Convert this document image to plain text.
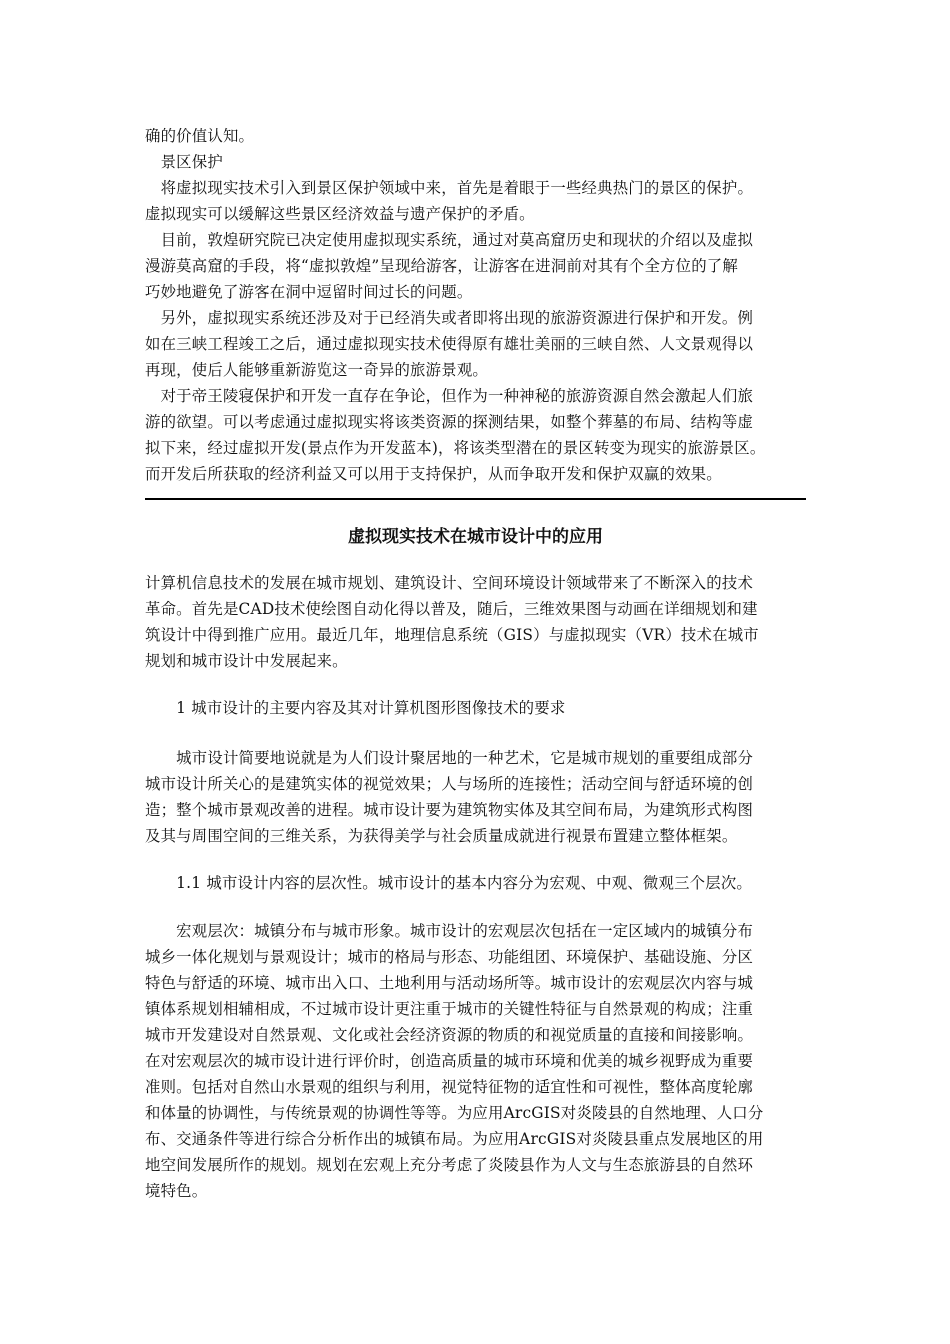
确的价值认知。
　景区保护
　将虚拟现实技术引入到景区保护领域中来，首先是着眼于一些经典热门的景区的保护。
虚拟现实可以缓解这些景区经济效益与遗产保护的矛盾。
　目前，敦煌研究院已决定使用虚拟现实系统，通过对莫高窟历史和现状的介绍以及虚拟
漫游莫高窟的手段，将“虚拟敦煌”呈现给游客，让游客在进洞前对其有个全方位的了解
巧妙地避免了游客在洞中逗留时间过长的问题。
　另外，虚拟现实系统还涉及对于已经消失或者即将出现的旅游资源进行保护和开发。例
如在三峡工程竣工之后，通过虚拟现实技术使得原有雄壮美丽的三峡自然、人文景观得以
再现，使后人能够重新游览这一奇异的旅游景观。
　对于帝王陵寝保护和开发一直存在争论，但作为一种神秘的旅游资源自然会激起人们旅
游的欲望。可以考虑通过虚拟现实将该类资源的探测结果，如整个葬墓的布局、结构等虚
拟下来，经过虚拟开发(景点作为开发蓝本)，将该类型潜在的景区转变为现实的旅游景区。
而开发后所获取的经济利益又可以用于支持保护，从而争取开发和保护双赢的效果。
虚拟现实技术在城市设计中的应用
计算机信息技术的发展在城市规划、建筑设计、空间环境设计领域带来了不断深入的技术
革命。首先是CAD技术使绘图自动化得以普及，随后，三维效果图与动画在详细规划和建
筑设计中得到推广应用。最近几年，地理信息系统（GIS）与虚拟现实（VR）技术在城市
规划和城市设计中发展起来。
　　1 城市设计的主要内容及其对计算机图形图像技术的要求
　　城市设计简要地说就是为人们设计聚居地的一种艺术，它是城市规划的重要组成部分
城市设计所关心的是建筑实体的视觉效果；人与场所的连接性；活动空间与舒适环境的创
造；整个城市景观改善的进程。城市设计要为建筑物实体及其空间布局，为建筑形式构图
及其与周围空间的三维关系，为获得美学与社会质量成就进行视景布置建立整体框架。
　　1.1 城市设计内容的层次性。城市设计的基本内容分为宏观、中观、微观三个层次。
　　宏观层次：城镇分布与城市形象。城市设计的宏观层次包括在一定区域内的城镇分布
城乡一体化规划与景观设计；城市的格局与形态、功能组团、环境保护、基础设施、分区
特色与舒适的环境、城市出入口、土地利用与活动场所等。城市设计的宏观层次内容与城
镇体系规划相辅相成，不过城市设计更注重于城市的关键性特征与自然景观的构成；注重
城市开发建设对自然景观、文化或社会经济资源的物质的和视觉质量的直接和间接影响。
在对宏观层次的城市设计进行评价时，创造高质量的城市环境和优美的城乡视野成为重要
准则。包括对自然山水景观的组织与利用，视觉特征物的适宜性和可视性，整体高度轮廓
和体量的协调性，与传统景观的协调性等等。为应用ArcGIS对炎陵县的自然地理、人口分
布、交通条件等进行综合分析作出的城镇布局。为应用ArcGIS对炎陵县重点发展地区的用
地空间发展所作的规划。规划在宏观上充分考虑了炎陵县作为人文与生态旅游县的自然环
境特色。
